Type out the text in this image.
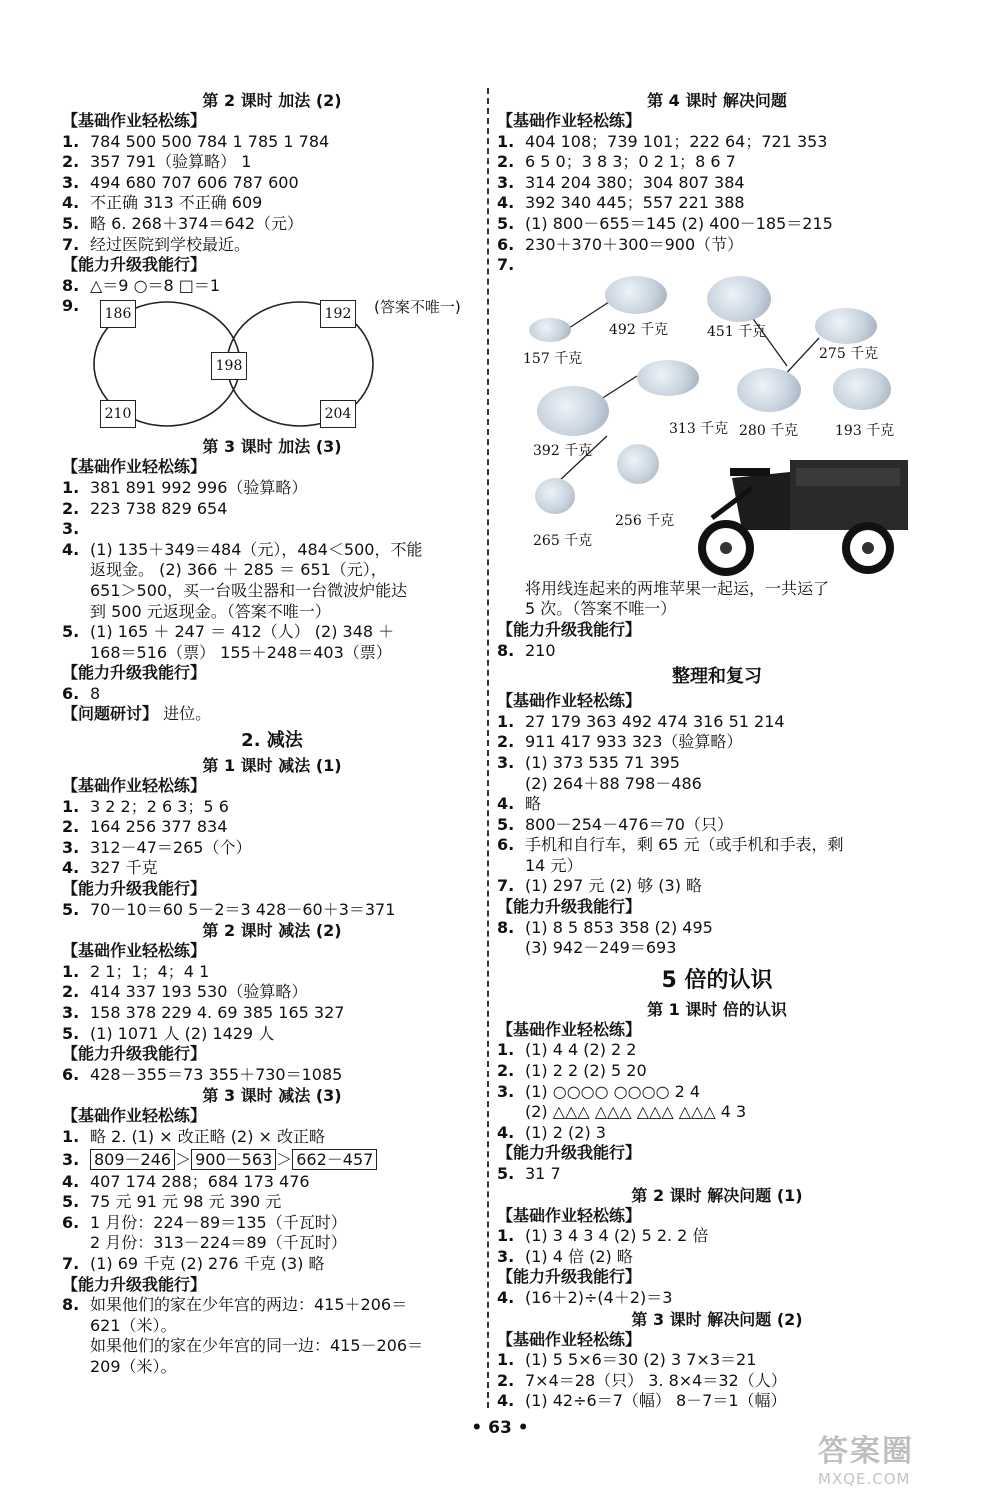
第 2 课时 加法 (2)
【基础作业轻松练】
1. 784 500 500 784 1 785 1 784
2. 357 791（验算略） 1
3. 494 680 707 606 787 600
4. 不正确 313 不正确 609
5. 略 6. 268＋374＝642（元）
7. 经过医院到学校最近。
【能力升级我能行】
8. △＝9 ○＝8 □＝1
9.	(答案不唯一)
186	192
198
210	204
第 3 课时 加法 (3)
【基础作业轻松练】
1. 381 891 992 996（验算略）
2. 223 738 829 654
3.
4. (1) 135＋349＝484（元），484＜500，不能
返现金。 (2) 366 ＋ 285 ＝ 651（元），
651＞500，买一台吸尘器和一台微波炉能达
到 500 元返现金。（答案不唯一）
5. (1) 165 ＋ 247 ＝ 412（人） (2) 348 ＋
168＝516（票） 155＋248＝403（票）
【能力升级我能行】
6. 8
【问题研讨】 进位。
2. 减法
第 1 课时 减法 (1)
【基础作业轻松练】
1. 3 2 2；2 6 3；5 6
2. 164 256 377 834
3. 312－47＝265（个）
4. 327 千克
【能力升级我能行】
5. 70－10＝60 5－2＝3 428－60＋3＝371
第 2 课时 减法 (2)
【基础作业轻松练】
1. 2 1；1；4；4 1
2. 414 337 193 530（验算略）
3. 158 378 229 4. 69 385 165 327
5. (1) 1071 人 (2) 1429 人
【能力升级我能行】
6. 428－355＝73 355＋730＝1085
第 3 课时 减法 (3)
【基础作业轻松练】
1. 略 2. (1) × 改正略 (2) × 改正略
3. 809－246 ＞ 900－563 ＞ 662－457
4. 407 174 288；684 173 476
5. 75 元 91 元 98 元 390 元
6. 1 月份：224－89＝135（千瓦时）
2 月份：313－224＝89（千瓦时）
7. (1) 69 千克 (2) 276 千克 (3) 略
【能力升级我能行】
8. 如果他们的家在少年宫的两边：415＋206＝
621（米）。
如果他们的家在少年宫的同一边：415－206＝
209（米）。
第 4 课时 解决问题
【基础作业轻松练】
1. 404 108；739 101；222 64；721 353
2. 6 5 0；3 8 3；0 2 1；8 6 7
3. 314 204 380；304 807 384
4. 392 340 445；557 221 388
5. (1) 800－655＝145 (2) 400－185＝215
6. 230＋370＋300＝900（节）
7.
157 千克
492 千克	451 千克
275 千克
313 千克
392 千克
280 千克	193 千克
256 千克
265 千克
将用线连起来的两堆苹果一起运，一共运了
5 次。（答案不唯一）
【能力升级我能行】
8. 210
整理和复习
【基础作业轻松练】
1. 27 179 363 492 474 316 51 214
2. 911 417 933 323（验算略）
3. (1) 373 535 71 395
(2) 264＋88 798－486
4. 略
5. 800－254－476＝70（只）
6. 手机和自行车，剩 65 元（或手机和手表，剩
14 元）
7. (1) 297 元 (2) 够 (3) 略
【能力升级我能行】
8. (1) 8 5 853 358 (2) 495
(3) 942－249＝693
5 倍的认识
第 1 课时 倍的认识
【基础作业轻松练】
1. (1) 4 4 (2) 2 2
2. (1) 2 2 (2) 5 20
3. (1) ○○○○ ○○○○ 2 4
(2) △△△ △△△ △△△ △△△ 4 3
4. (1) 2 (2) 3
【能力升级我能行】
5. 31 7
第 2 课时 解决问题 (1)
【基础作业轻松练】
1. (1) 3 4 3 4 (2) 5 2. 2 倍
3. (1) 4 倍 (2) 略
【能力升级我能行】
4. (16＋2)÷(4＋2)＝3
第 3 课时 解决问题 (2)
【基础作业轻松练】
1. (1) 5 5×6＝30 (2) 3 7×3＝21
2. 7×4＝28（只） 3. 8×4＝32（人）
4. (1) 42÷6＝7（幅） 8－7＝1（幅）
• 63 •
答案圈
MXQE.COM
